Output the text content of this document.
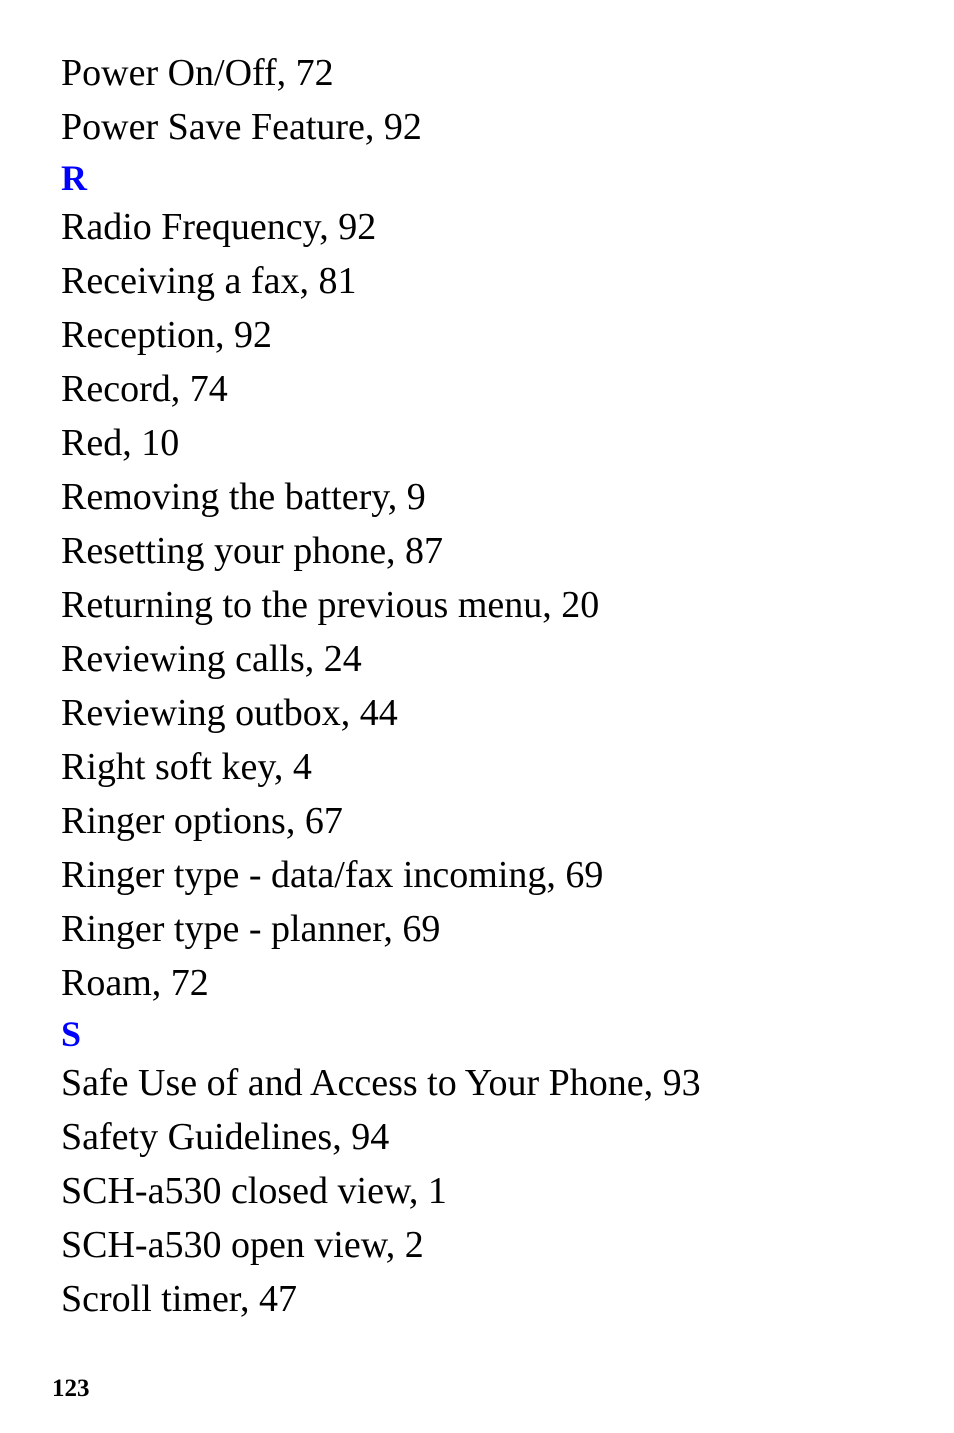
Power On/Off, 72
Power Save Feature, 92
R
Radio Frequency, 92
Receiving a fax, 81
Reception, 92
Record, 74
Red, 10
Removing the battery, 9
Resetting your phone, 87
Returning to the previous menu, 20
Reviewing calls, 24
Reviewing outbox, 44
Right soft key, 4
Ringer options, 67
Ringer type - data/fax incoming, 69
Ringer type - planner, 69
Roam, 72
S
Safe Use of and Access to Your Phone, 93
Safety Guidelines, 94
SCH-a530 closed view, 1
SCH-a530 open view, 2
Scroll timer, 47
123
